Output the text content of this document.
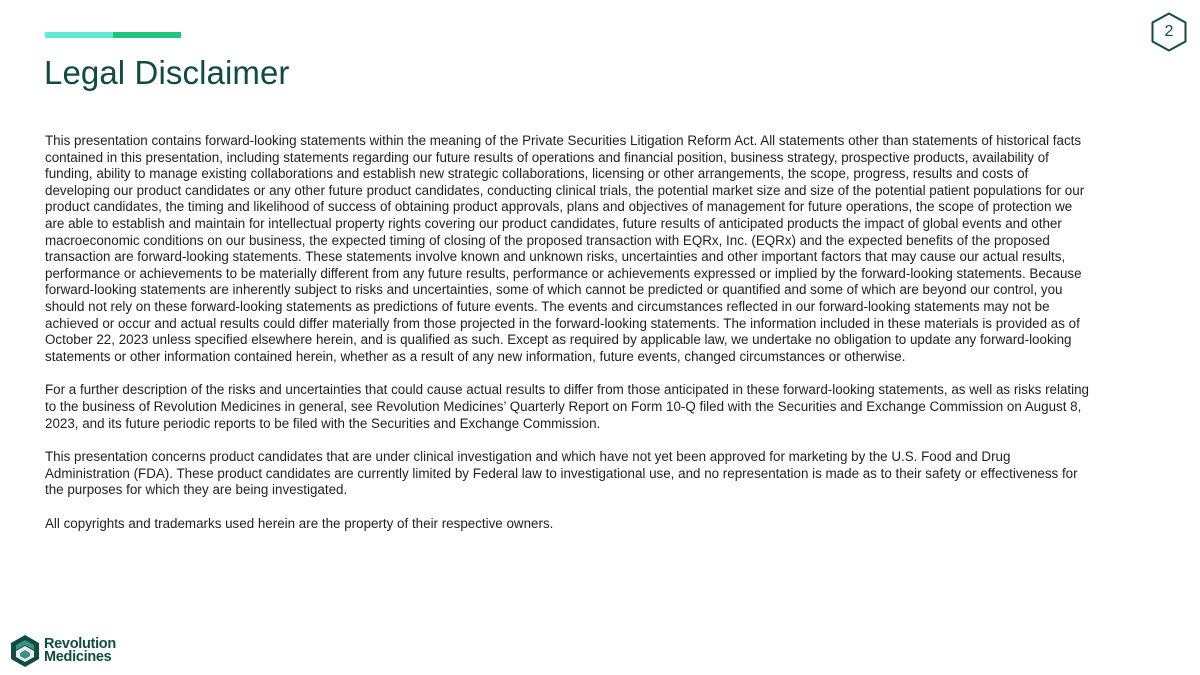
Legal Disclaimer
2

This presentation contains forward-looking statements within the meaning of the Private Securities Litigation Reform Act. All statements other than statements of historical facts contained in this presentation, including statements regarding our future results of operations and financial position, business strategy, prospective products, availability of funding, ability to manage existing collaborations and establish new strategic collaborations, licensing or other arrangements, the scope, progress, results and costs of developing our product candidates or any other future product candidates, conducting clinical trials, the potential market size and size of the potential patient populations for our product candidates, the timing and likelihood of success of obtaining product approvals, plans and objectives of management for future operations, the scope of protection we are able to establish and maintain for intellectual property rights covering our product candidates, future results of anticipated products the impact of global events and other macroeconomic conditions on our business, the expected timing of closing of the proposed transaction with EQRx, Inc. (EQRx) and the expected benefits of the proposed transaction are forward-looking statements. These statements involve known and unknown risks, uncertainties and other important factors that may cause our actual results, performance or achievements to be materially different from any future results, performance or achievements expressed or implied by the forward-looking statements. Because forward-looking statements are inherently subject to risks and uncertainties, some of which cannot be predicted or quantified and some of which are beyond our control, you should not rely on these forward-looking statements as predictions of future events. The events and circumstances reflected in our forward-looking statements may not be achieved or occur and actual results could differ materially from those projected in the forward-looking statements. The information included in these materials is provided as of October 22, 2023 unless specified elsewhere herein, and is qualified as such. Except as required by applicable law, we undertake no obligation to update any forward-looking statements or other information contained herein, whether as a result of any new information, future events, changed circumstances or otherwise.

For a further description of the risks and uncertainties that could cause actual results to differ from those anticipated in these forward-looking statements, as well as risks relating to the business of Revolution Medicines in general, see Revolution Medicines’ Quarterly Report on Form 10-Q filed with the Securities and Exchange Commission on August 8, 2023, and its future periodic reports to be filed with the Securities and Exchange Commission.

This presentation concerns product candidates that are under clinical investigation and which have not yet been approved for marketing by the U.S. Food and Drug Administration (FDA). These product candidates are currently limited by Federal law to investigational use, and no representation is made as to their safety or effectiveness for the purposes for which they are being investigated.

All copyrights and trademarks used herein are the property of their respective owners.

Revolution
Medicines
